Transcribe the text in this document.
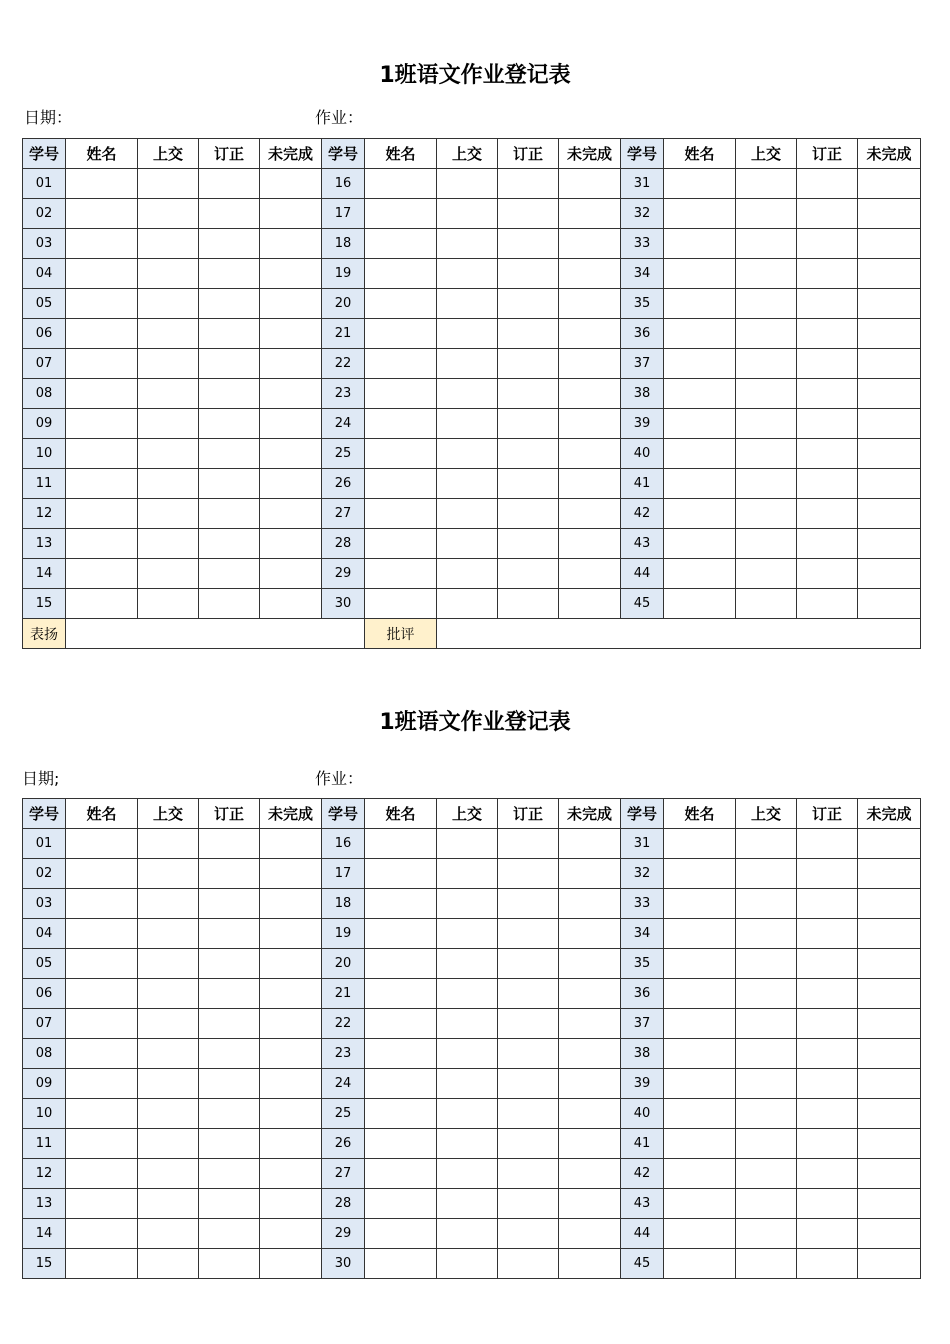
1班语文作业登记表
日期：	作业：
学号	姓名	上交	订正	未完成	学号	姓名	上交	订正	未完成	学号	姓名	上交	订正	未完成
01					16					31				
02					17					32				
03					18					33				
04					19					34				
05					20					35				
06					21					36				
07					22					37				
08					23					38				
09					24					39				
10					25					40				
11					26					41				
12					27					42				
13					28					43				
14					29					44				
15					30					45				
表扬						批评								
1班语文作业登记表
日期;	作业：
学号	姓名	上交	订正	未完成	学号	姓名	上交	订正	未完成	学号	姓名	上交	订正	未完成
01					16					31				
02					17					32				
03					18					33				
04					19					34				
05					20					35				
06					21					36				
07					22					37				
08					23					38				
09					24					39				
10					25					40				
11					26					41				
12					27					42				
13					28					43				
14					29					44				
15					30					45				
